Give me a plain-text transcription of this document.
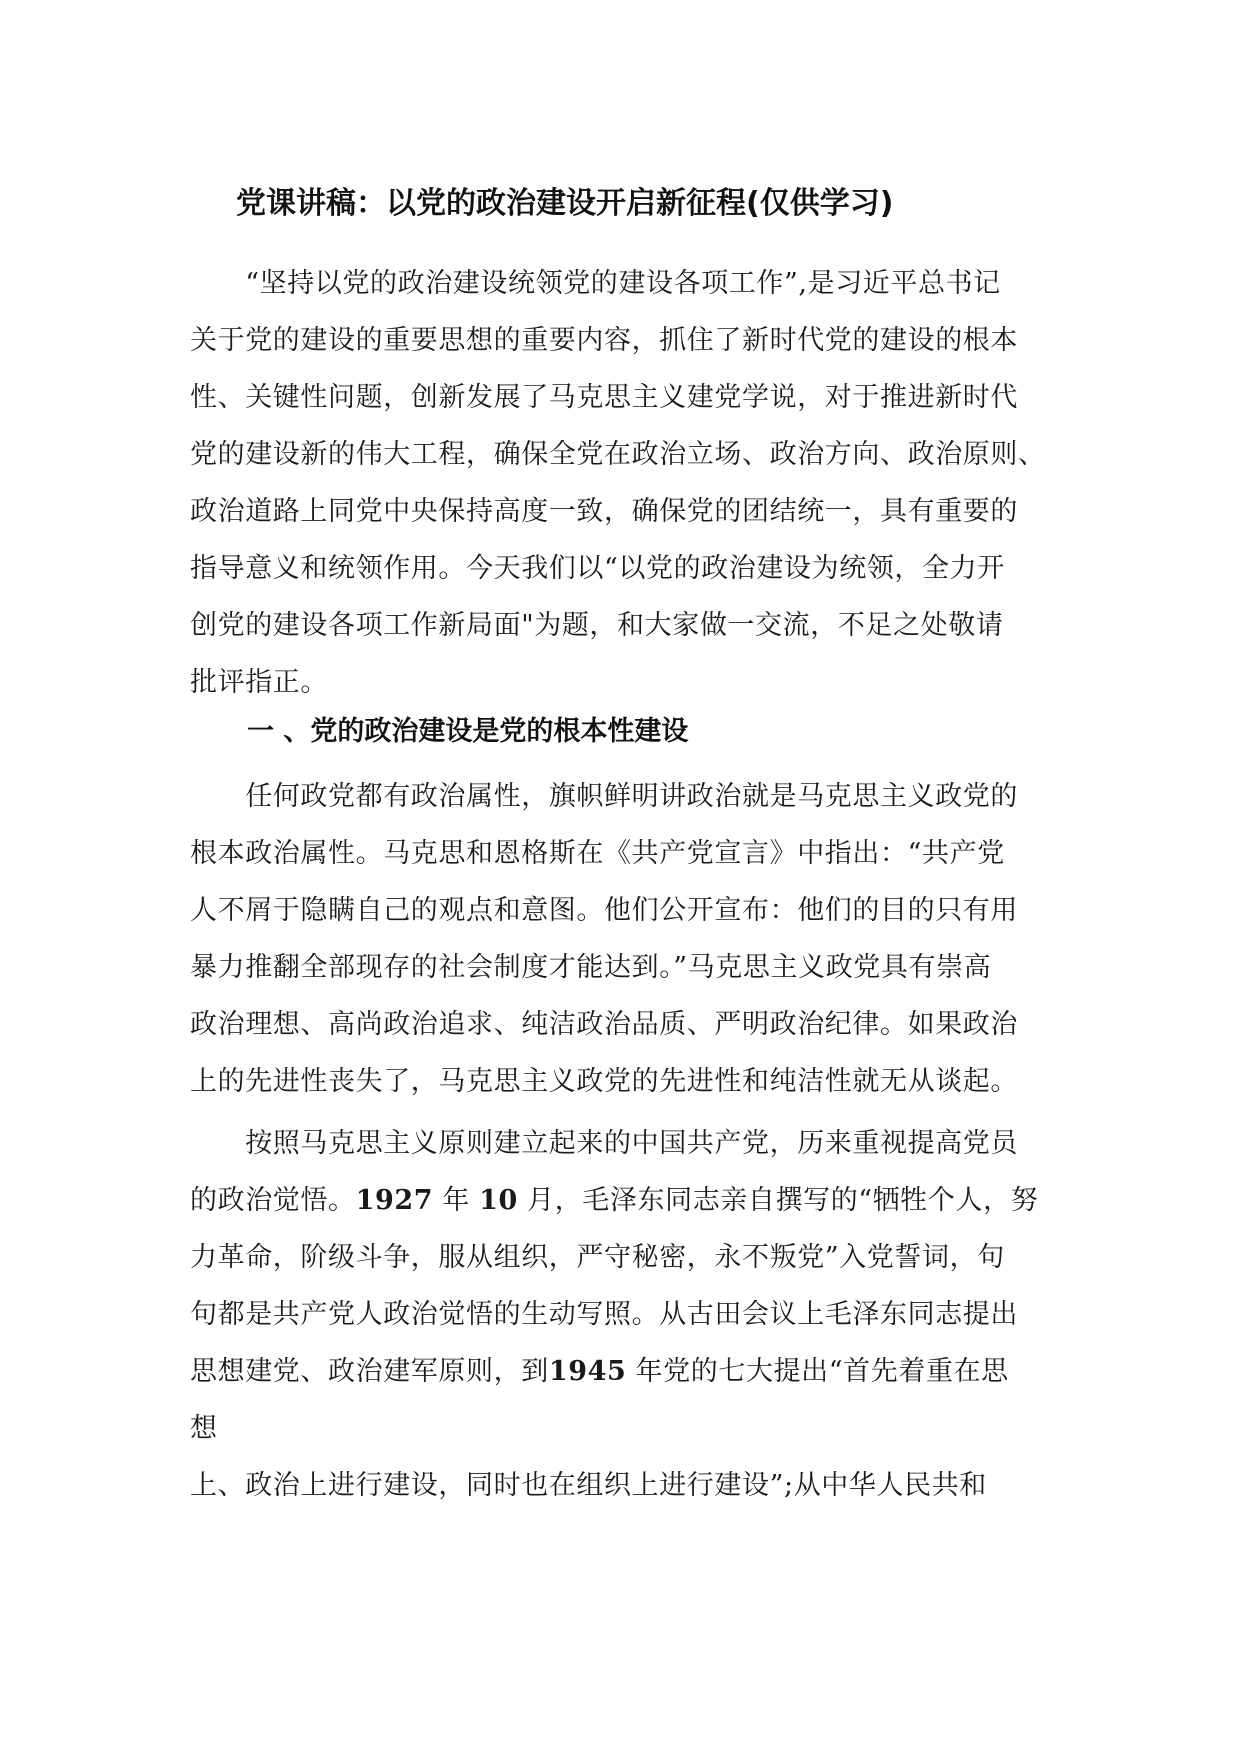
党课讲稿：以党的政治建设开启新征程(仅供学习)
　　“坚持以党的政治建设统领党的建设各项工作”,是习近平总书记
关于党的建设的重要思想的重要内容，抓住了新时代党的建设的根本
性、关键性问题，创新发展了马克思主义建党学说，对于推进新时代
党的建设新的伟大工程，确保全党在政治立场、政治方向、政治原则、
政治道路上同党中央保持高度一致，确保党的团结统一，具有重要的
指导意义和统领作用。今天我们以“以党的政治建设为统领，全力开
创党的建设各项工作新局面"为题，和大家做一交流，不足之处敬请
批评指正。
一 、党的政治建设是党的根本性建设
　　任何政党都有政治属性，旗帜鲜明讲政治就是马克思主义政党的
根本政治属性。马克思和恩格斯在《共产党宣言》中指出：“共产党
人不屑于隐瞒自己的观点和意图。他们公开宣布：他们的目的只有用
暴力推翻全部现存的社会制度才能达到。”马克思主义政党具有崇高
政治理想、高尚政治追求、纯洁政治品质、严明政治纪律。如果政治
上的先进性丧失了，马克思主义政党的先进性和纯洁性就无从谈起。
　　按照马克思主义原则建立起来的中国共产党，历来重视提高党员
的政治觉悟。1927 年 10 月，毛泽东同志亲自撰写的“牺牲个人，努
力革命，阶级斗争，服从组织，严守秘密，永不叛党”入党誓词，句
句都是共产党人政治觉悟的生动写照。从古田会议上毛泽东同志提出
思想建党、政治建军原则，到1945 年党的七大提出“首先着重在思
想
上、政治上进行建设，同时也在组织上进行建设”;从中华人民共和
